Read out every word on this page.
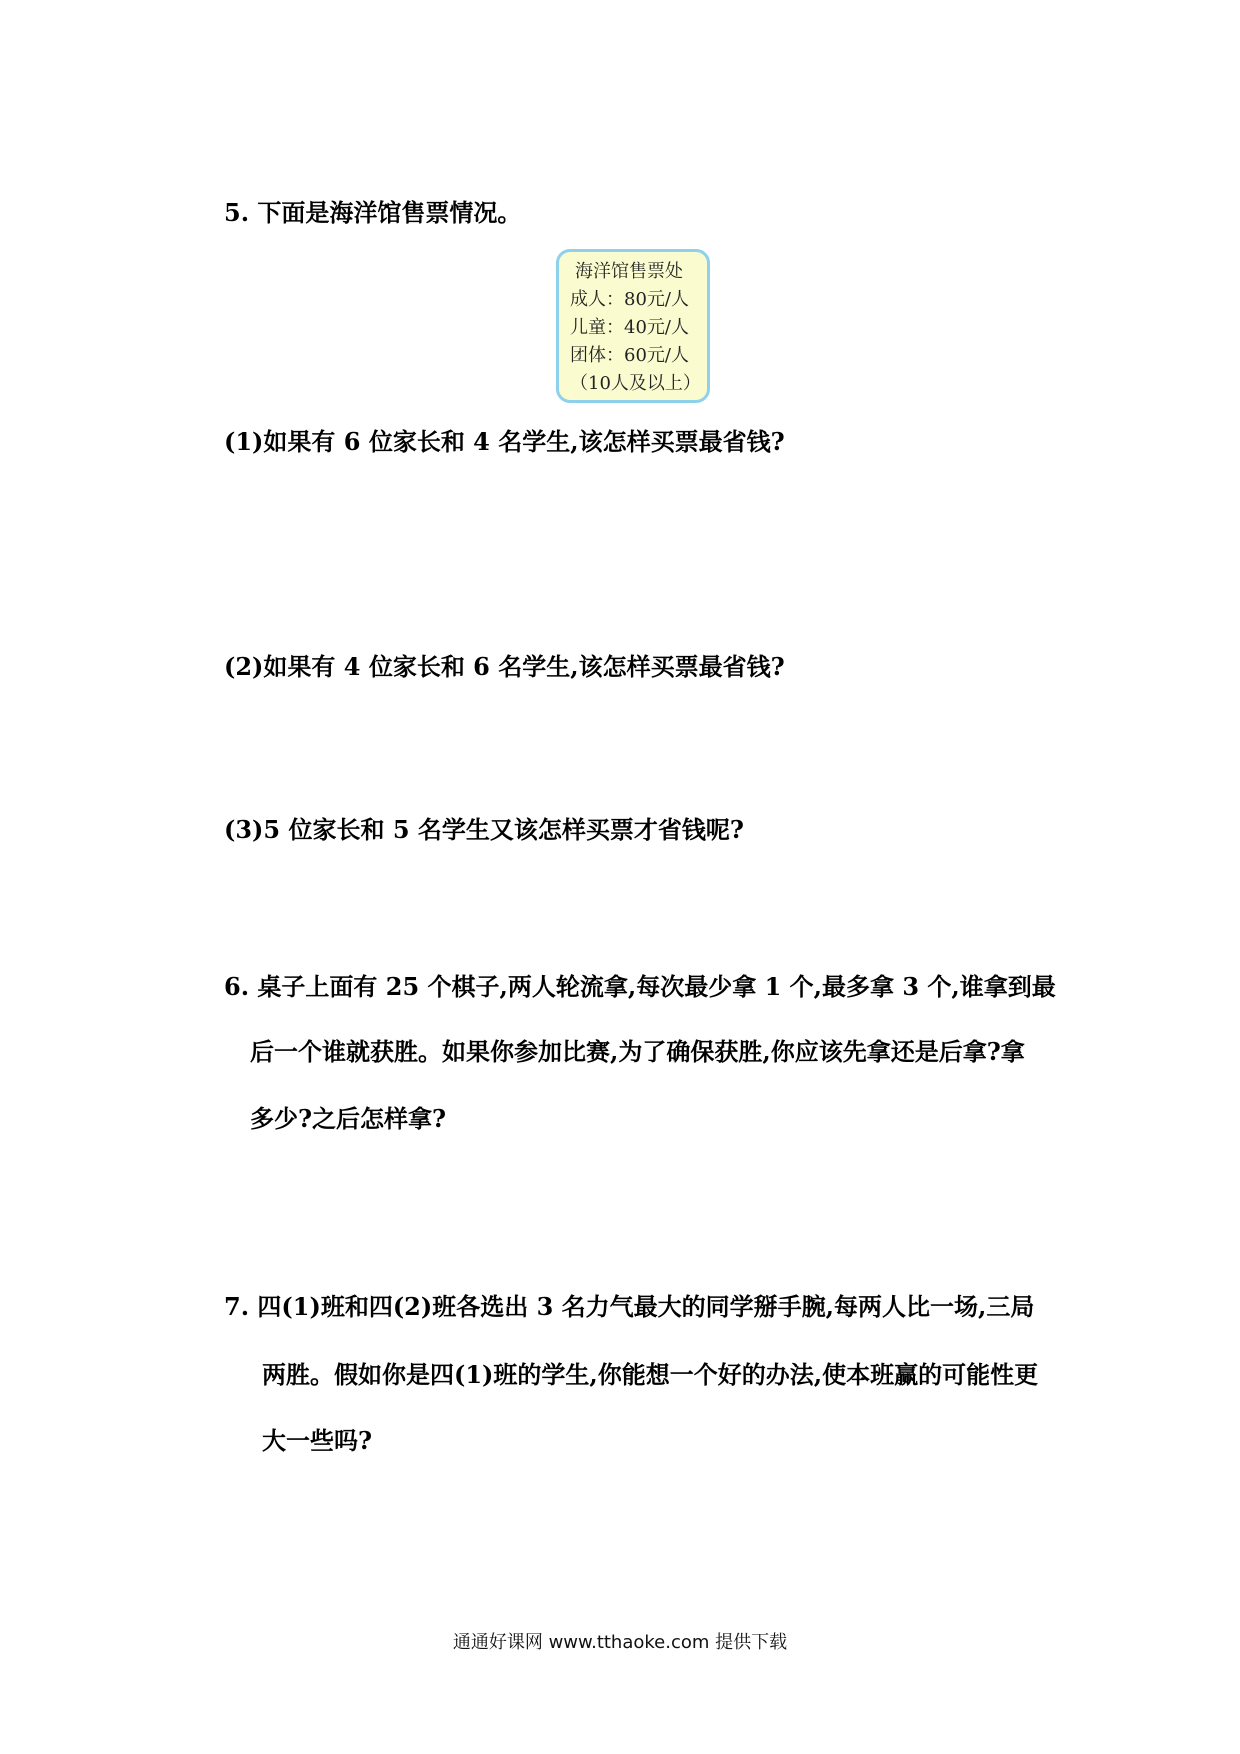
5. 下面是海洋馆售票情况。
海洋馆售票处
成人：80元/人
儿童：40元/人
团体：60元/人
（10人及以上）
(1)如果有 6 位家长和 4 名学生,该怎样买票最省钱?
(2)如果有 4 位家长和 6 名学生,该怎样买票最省钱?
(3)5 位家长和 5 名学生又该怎样买票才省钱呢?
6. 桌子上面有 25 个棋子,两人轮流拿,每次最少拿 1 个,最多拿 3 个,谁拿到最
后一个谁就获胜。如果你参加比赛,为了确保获胜,你应该先拿还是后拿?拿
多少?之后怎样拿?
7. 四(1)班和四(2)班各选出 3 名力气最大的同学掰手腕,每两人比一场,三局
两胜。假如你是四(1)班的学生,你能想一个好的办法,使本班赢的可能性更
大一些吗?
通通好课网 www.tthaoke.com 提供下载
